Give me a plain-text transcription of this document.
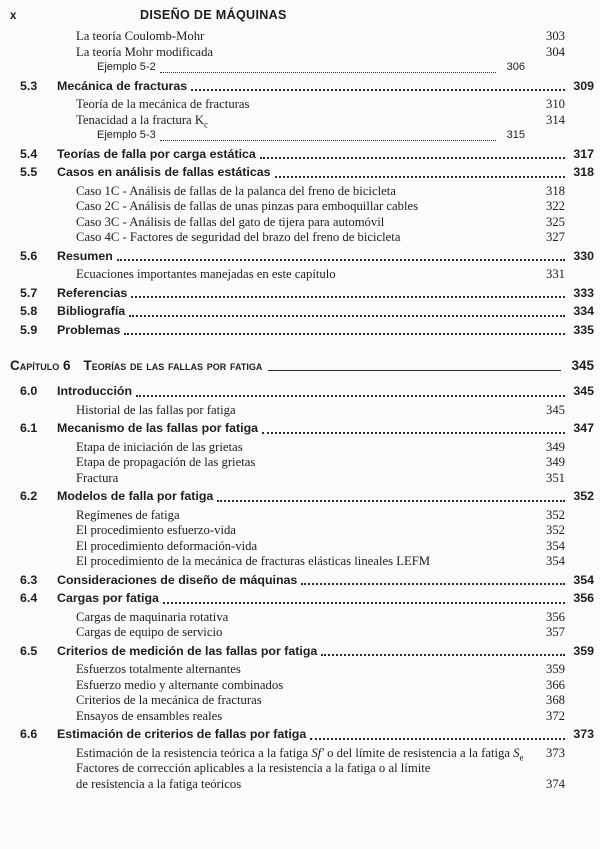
x	DISEÑO DE MÁQUINAS
La teoría Coulomb-Mohr	303
La teoría Mohr modificada	304
Ejemplo 5-2	306
5.3	Mecánica de fracturas	309
Teoría de la mecánica de fracturas	310
Tenacidad a la fractura $K_c$	314
Ejemplo 5-3	315
5.4	Teorías de falla por carga estática	317
5.5	Casos en análisis de fallas estáticas	318
Caso 1C - Análisis de fallas de la palanca del freno de bicicleta	318
Caso 2C - Análisis de fallas de unas pinzas para emboquillar cables	322
Caso 3C - Análisis de fallas del gato de tijera para automóvil	325
Caso 4C - Factores de seguridad del brazo del freno de bicicleta	327
5.6	Resumen	330
Ecuaciones importantes manejadas en este capítulo	331
5.7	Referencias	333
5.8	Bibliografía	334
5.9	Problemas	335
Capítulo 6 Teorías de las fallas por fatiga	345
6.0	Introducción	345
Historial de las fallas por fatiga	345
6.1	Mecanismo de las fallas por fatiga	347
Etapa de iniciación de las grietas	349
Etapa de propagación de las grietas	349
Fractura	351
6.2	Modelos de falla por fatiga	352
Regímenes de fatiga	352
El procedimiento esfuerzo-vida	352
El procedimiento deformación-vida	354
El procedimiento de la mecánica de fracturas elásticas lineales LEFM	354
6.3	Consideraciones de diseño de máquinas	354
6.4	Cargas por fatiga	356
Cargas de maquinaria rotativa	356
Cargas de equipo de servicio	357
6.5	Criterios de medición de las fallas por fatiga	359
Esfuerzos totalmente alternantes	359
Esfuerzo medio y alternante combinados	366
Criterios de la mecánica de fracturas	368
Ensayos de ensambles reales	372
6.6	Estimación de criterios de fallas por fatiga	373
Estimación de la resistencia teórica a la fatiga Sf′ o del límite de resistencia a la fatiga $S_e$	373
Factores de corrección aplicables a la resistencia a la fatiga o al límite
de resistencia a la fatiga teóricos	374
